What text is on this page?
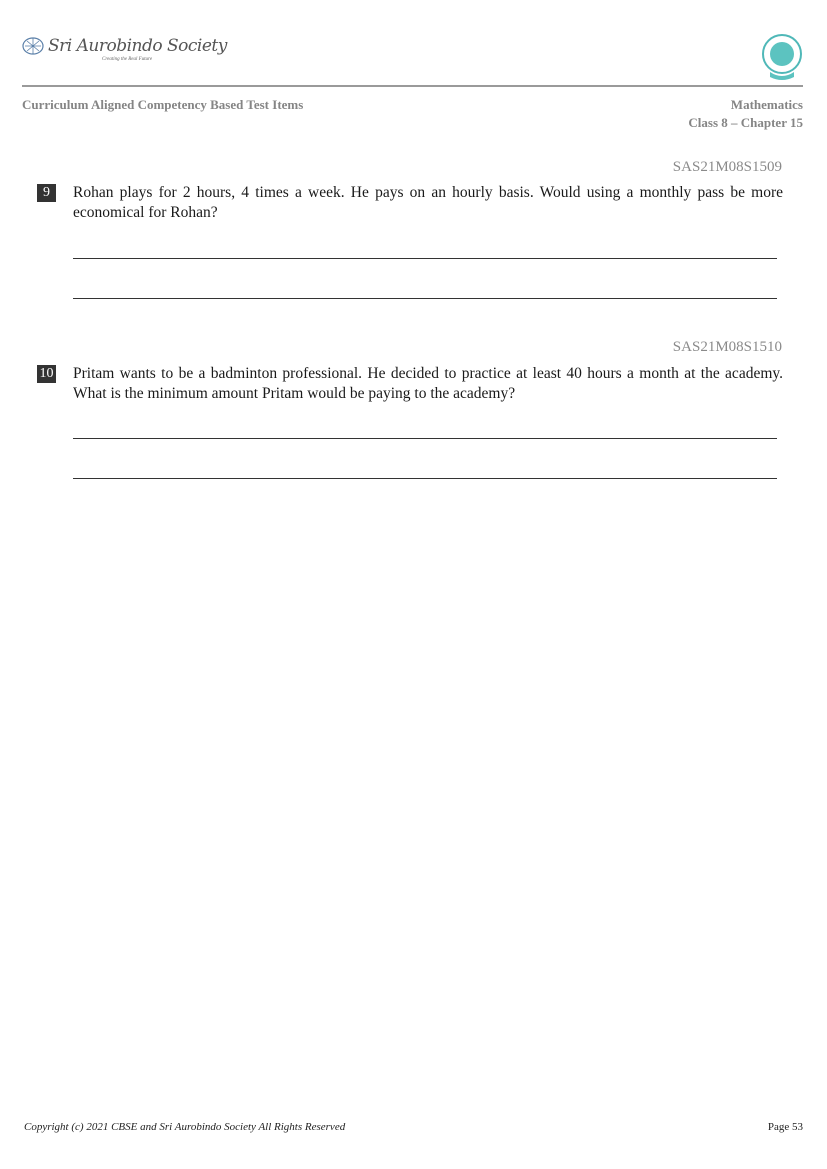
Sri Aurobindo Society
Creating the Real Future
Curriculum Aligned Competency Based Test Items	Mathematics
Class 8 – Chapter 15
SAS21M08S1509
9	Rohan plays for 2 hours, 4 times a week. He pays on an hourly basis. Would using a monthly pass be more economical for Rohan?
SAS21M08S1510
10 Pritam wants to be a badminton professional. He decided to practice at least 40 hours a month at the academy. What is the minimum amount Pritam would be paying to the academy?
Copyright (c) 2021 CBSE and Sri Aurobindo Society All Rights Reserved	Page 53
